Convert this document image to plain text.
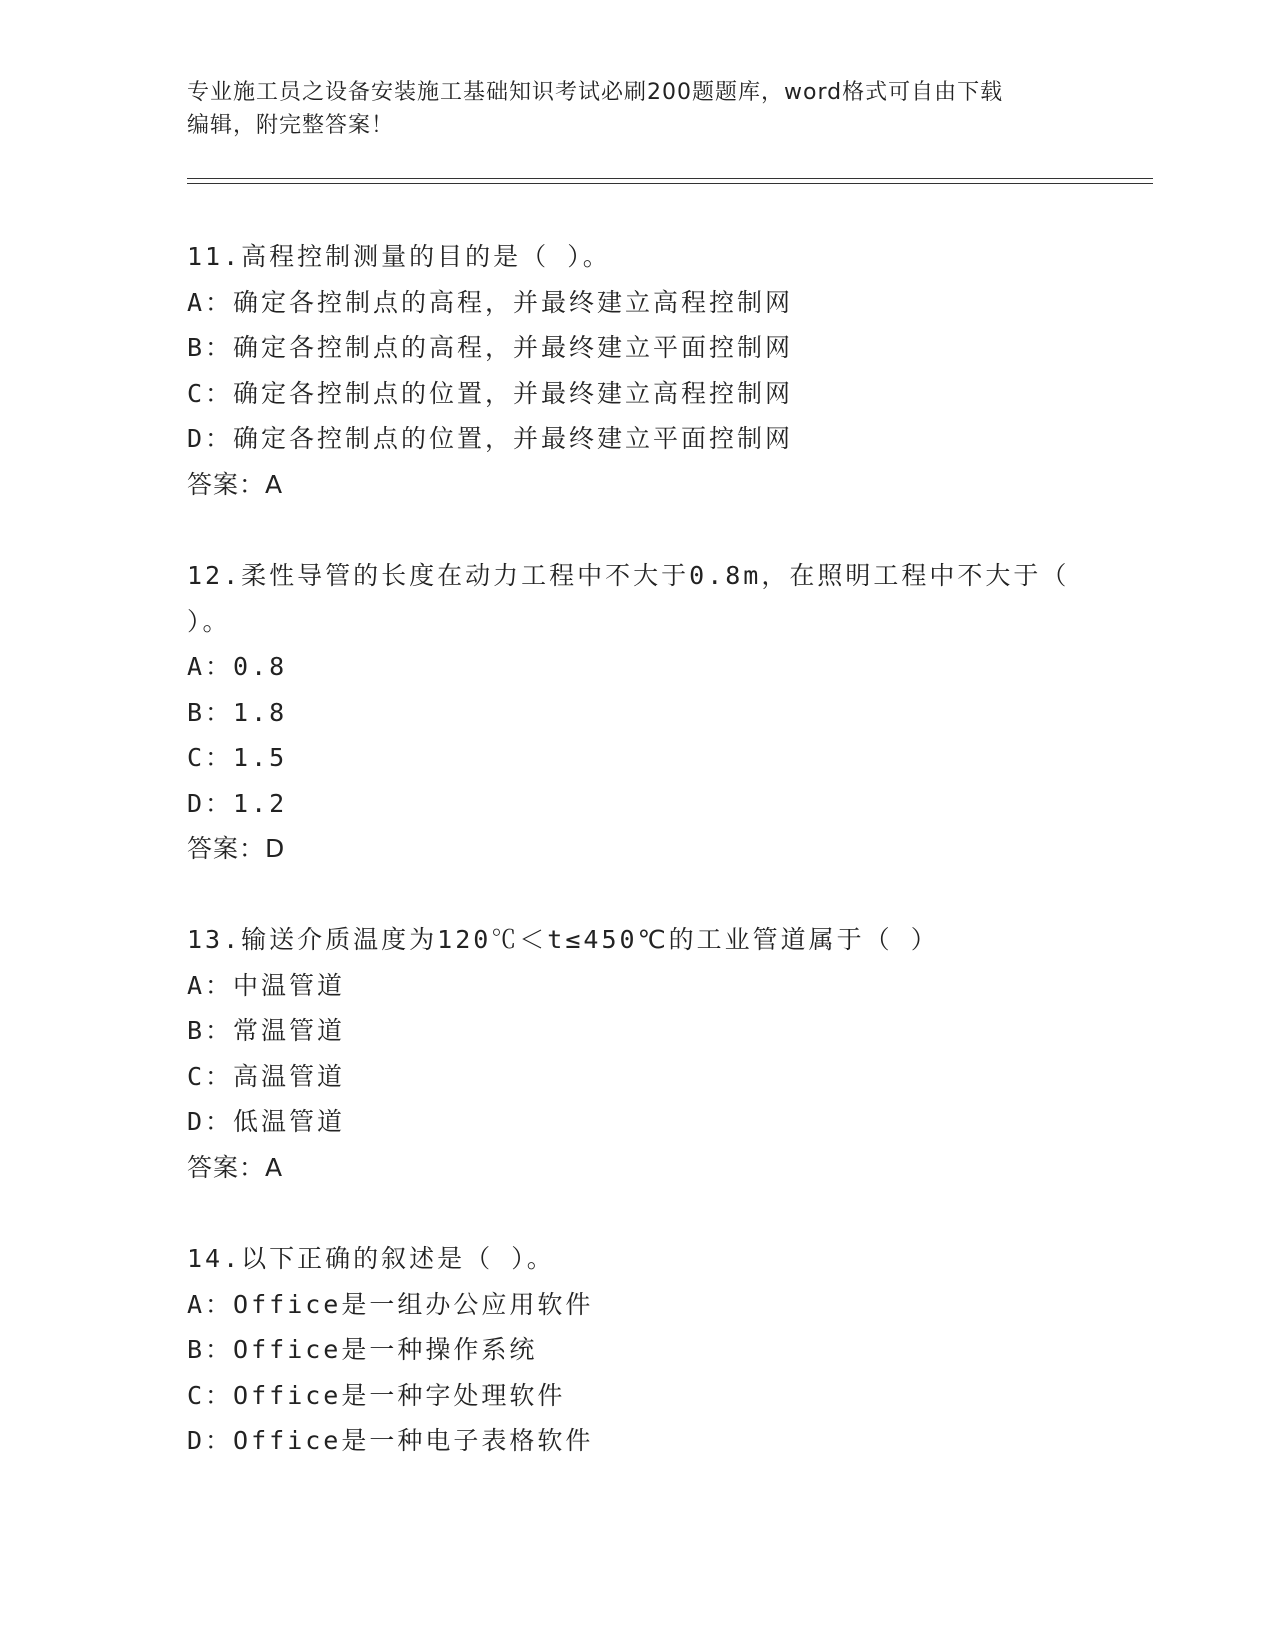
专业施工员之设备安装施工基础知识考试必刷200题题库，word格式可自由下载
编辑，附完整答案！
11.高程控制测量的目的是（ ）。
A：确定各控制点的高程，并最终建立高程控制网
B：确定各控制点的高程，并最终建立平面控制网
C：确定各控制点的位置，并最终建立高程控制网
D：确定各控制点的位置，并最终建立平面控制网
答案：A
12.柔性导管的长度在动力工程中不大于0.8m，在照明工程中不大于（ ）。
A：0.8
B：1.8
C：1.5
D：1.2
答案：D
13.输送介质温度为120℃＜t≤450℃的工业管道属于（ ）
A：中温管道
B：常温管道
C：高温管道
D：低温管道
答案：A
14.以下正确的叙述是（ ）。
A：Office是一组办公应用软件
B：Office是一种操作系统
C：Office是一种字处理软件
D：Office是一种电子表格软件
